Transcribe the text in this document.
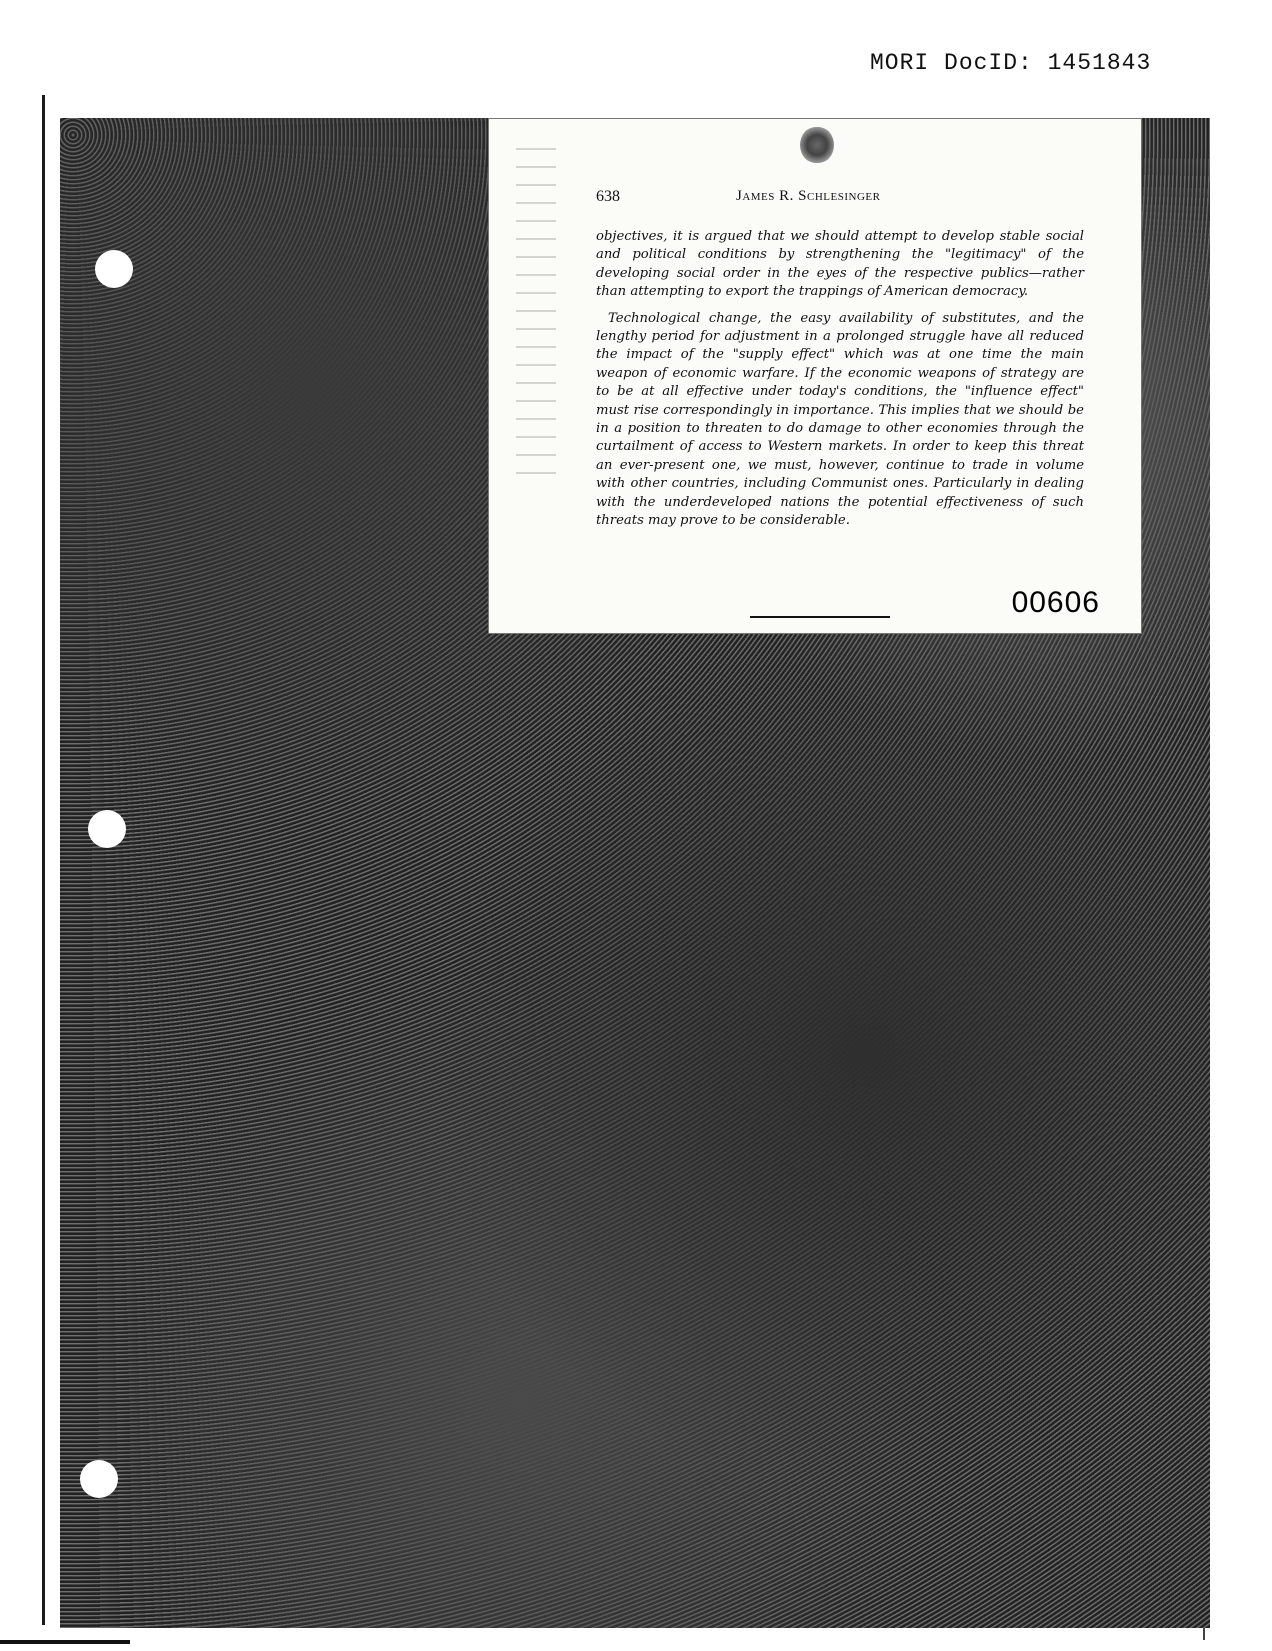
MORI DocID: 1451843
638	James R. Schlesinger

objectives, it is argued that we should attempt to develop stable social and political conditions by strengthening the "legitimacy" of the developing social order in the eyes of the respective publics—rather than attempting to export the trappings of American democracy.

Technological change, the easy availability of substitutes, and the lengthy period for adjustment in a prolonged struggle have all reduced the impact of the "supply effect" which was at one time the main weapon of economic warfare. If the economic weapons of strategy are to be at all effective under today's conditions, the "influence effect" must rise correspondingly in importance. This implies that we should be in a position to threaten to do damage to other economies through the curtailment of access to Western markets. In order to keep this threat an ever-present one, we must, however, continue to trade in volume with other countries, including Communist ones. Particularly in dealing with the underdeveloped nations the potential effectiveness of such threats may prove to be considerable.

00606
